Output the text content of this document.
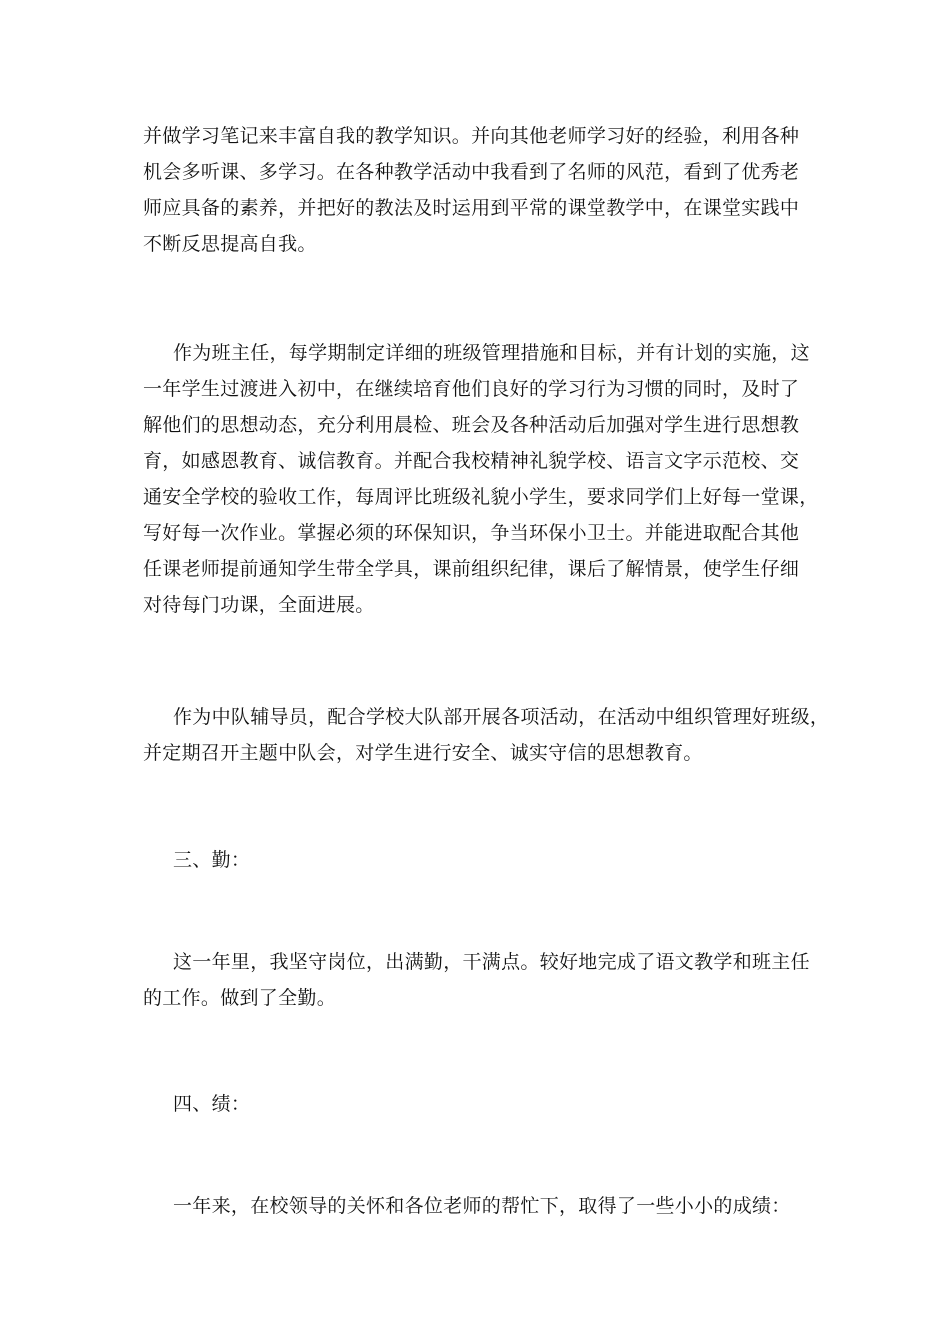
并做学习笔记来丰富自我的教学知识。并向其他老师学习好的经验，利用各种
机会多听课、多学习。在各种教学活动中我看到了名师的风范，看到了优秀老
师应具备的素养，并把好的教法及时运用到平常的课堂教学中，在课堂实践中
不断反思提高自我。
作为班主任，每学期制定详细的班级管理措施和目标，并有计划的实施，这
一年学生过渡进入初中，在继续培育他们良好的学习行为习惯的同时，及时了
解他们的思想动态，充分利用晨检、班会及各种活动后加强对学生进行思想教
育，如感恩教育、诚信教育。并配合我校精神礼貌学校、语言文字示范校、交
通安全学校的验收工作，每周评比班级礼貌小学生，要求同学们上好每一堂课，
写好每一次作业。掌握必须的环保知识，争当环保小卫士。并能进取配合其他
任课老师提前通知学生带全学具，课前组织纪律，课后了解情景，使学生仔细
对待每门功课，全面进展。
作为中队辅导员，配合学校大队部开展各项活动，在活动中组织管理好班级，
并定期召开主题中队会，对学生进行安全、诚实守信的思想教育。
三、勤：
这一年里，我坚守岗位，出满勤，干满点。较好地完成了语文教学和班主任
的工作。做到了全勤。
四、绩：
一年来，在校领导的关怀和各位老师的帮忙下，取得了一些小小的成绩：
